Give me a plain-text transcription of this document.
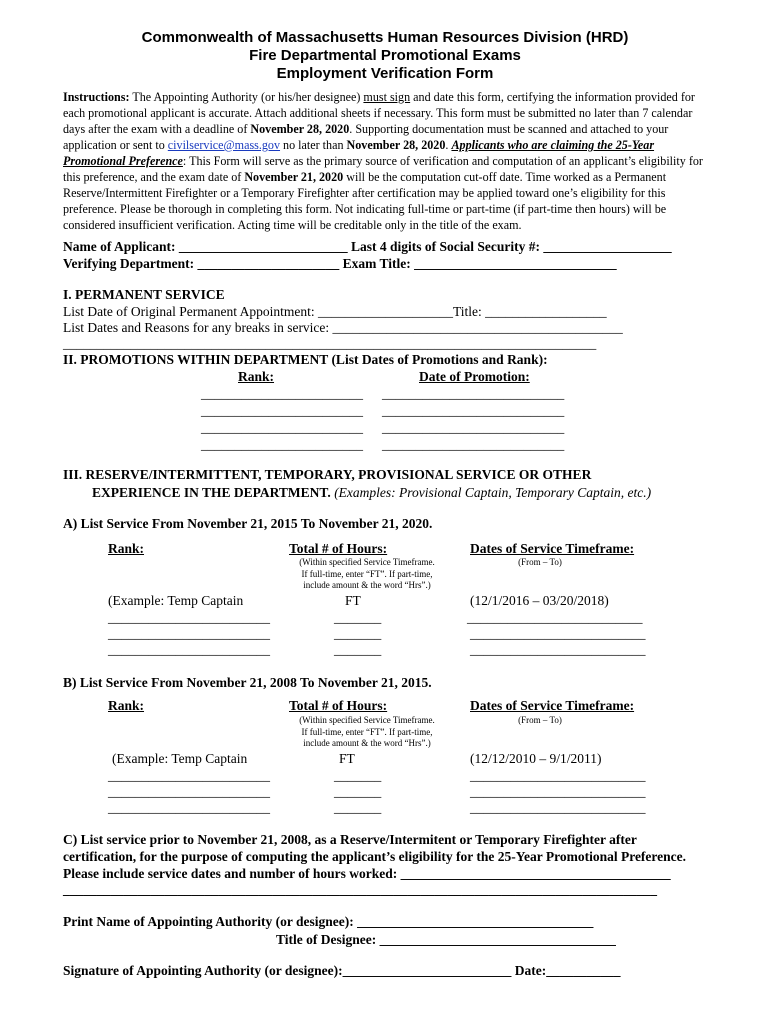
Commonwealth of Massachusetts Human Resources Division (HRD)
Fire Departmental Promotional Exams
Employment Verification Form
Instructions: The Appointing Authority (or his/her designee) must sign and date this form, certifying the information provided for each promotional applicant is accurate. Attach additional sheets if necessary. This form must be submitted no later than 7 calendar days after the exam with a deadline of November 28, 2020. Supporting documentation must be scanned and attached to your application or sent to civilservice@mass.gov no later than November 28, 2020. Applicants who are claiming the 25-Year Promotional Preference: This Form will serve as the primary source of verification and computation of an applicant’s eligibility for this preference, and the exam date of November 21, 2020 will be the computation cut-off date. Time worked as a Permanent Reserve/Intermittent Firefighter or a Temporary Firefighter after certification may be applied toward one’s eligibility for this preference. Please be thorough in completing this form. Not indicating full-time or part-time (if part-time then hours) will be considered insufficient verification. Acting time will be creditable only in the title of the exam.
Name of Applicant: _________________________ Last 4 digits of Social Security #: ___________________
Verifying Department: _____________________ Exam Title: ______________________________
I. PERMANENT SERVICE
List Date of Original Permanent Appointment: ____________________Title: __________________
List Dates and Reasons for any breaks in service: ___________________________________________
_______________________________________________________________________________
II. PROMOTIONS WITHIN DEPARTMENT (List Dates of Promotions and Rank):
Rank:	Date of Promotion:
________________________ ___________________________
________________________ ___________________________
________________________ ___________________________
________________________ ___________________________
III. RESERVE/INTERMITTENT, TEMPORARY, PROVISIONAL SERVICE OR OTHER
EXPERIENCE IN THE DEPARTMENT. (Examples: Provisional Captain, Temporary Captain, etc.)
A) List Service From November 21, 2015 To November 21, 2020.
Rank:	Total # of Hours:	Dates of Service Timeframe:
(Within specified Service Timeframe.
If full-time, enter “FT”. If part-time,
include amount & the word “Hrs”.)
(From – To)
(Example: Temp Captain	FT	(12/1/2016 – 03/20/2018)
________________________	_______	__________________________
________________________	_______	__________________________
________________________	_______	__________________________
B) List Service From November 21, 2008 To November 21, 2015.
Rank:	Total # of Hours:	Dates of Service Timeframe:
(Within specified Service Timeframe.
If full-time, enter “FT”. If part-time,
include amount & the word “Hrs”.)
(From – To)
(Example: Temp Captain	FT	(12/12/2010 – 9/1/2011)
________________________	_______	__________________________
________________________	_______	__________________________
________________________	_______	__________________________
C) List service prior to November 21, 2008, as a Reserve/Intermitent or Temporary Firefighter after
certification, for the purpose of computing the applicant’s eligibility for the 25-Year Promotional Preference.
Please include service dates and number of hours worked: ________________________________________
________________________________________________________________________________________
Print Name of Appointing Authority (or designee): ___________________________________
Title of Designee: ___________________________________
Signature of Appointing Authority (or designee):_________________________ Date:___________
